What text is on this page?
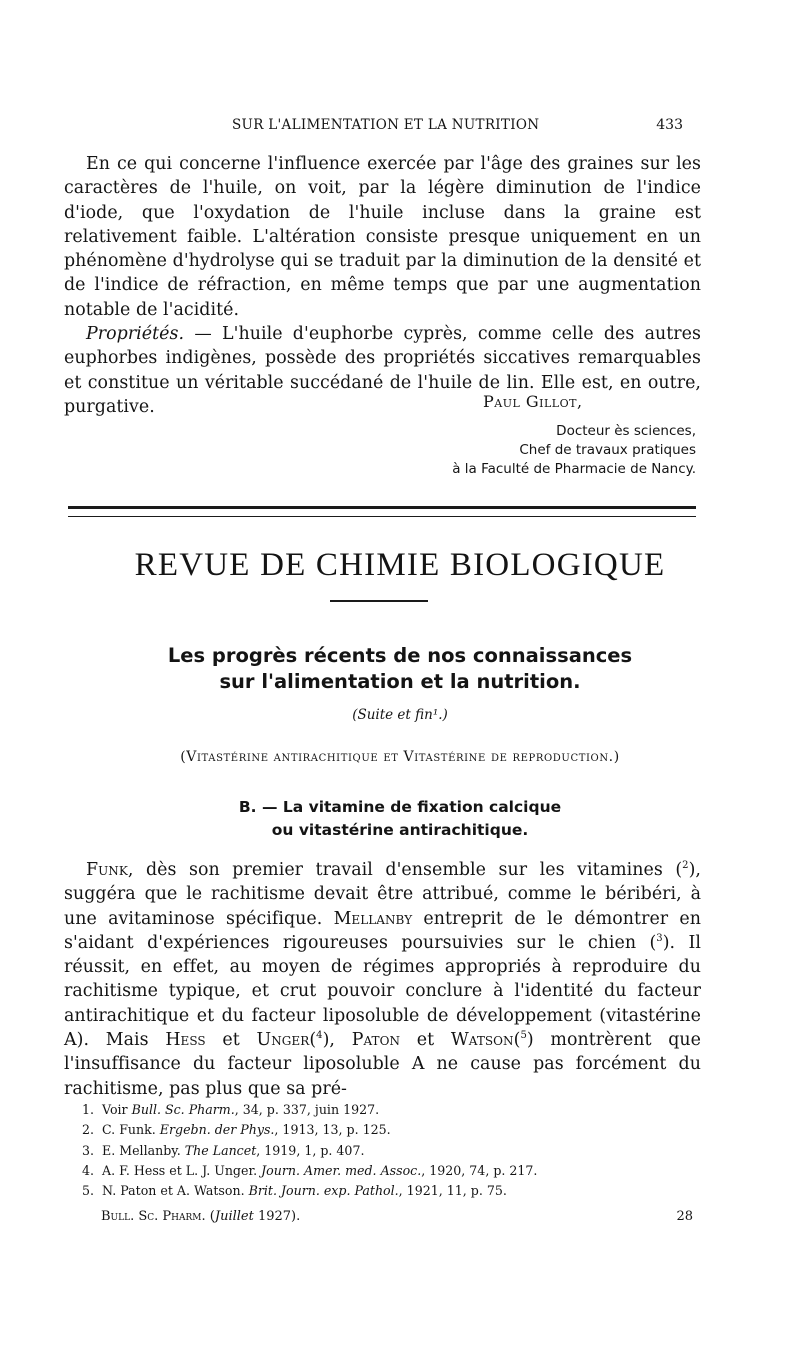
SUR L'ALIMENTATION ET LA NUTRITION	433

En ce qui concerne l'influence exercée par l'âge des graines sur les caractères de l'huile, on voit, par la légère diminution de l'indice d'iode, que l'oxydation de l'huile incluse dans la graine est relativement faible. L'altération consiste presque uniquement en un phénomène d'hydrolyse qui se traduit par la diminution de la densité et de l'indice de réfraction, en même temps que par une augmentation notable de l'acidité.

Propriétés. — L'huile d'euphorbe cyprès, comme celle des autres euphorbes indigènes, possède des propriétés siccatives remarquables et constitue un véritable succédané de l'huile de lin. Elle est, en outre, purgative.	Paul Gillot,
Docteur ès sciences,
Chef de travaux pratiques
à la Faculté de Pharmacie de Nancy.
REVUE DE CHIMIE BIOLOGIQUE
Les progrès récents de nos connaissances
sur l'alimentation et la nutrition.
(Suite et fin¹.)
(Vitastérine antirachitique et Vitastérine de reproduction.)
B. — La vitamine de fixation calcique
ou vitastérine antirachitique.

Funk, dès son premier travail d'ensemble sur les vitamines ($^2$), suggéra que le rachitisme devait être attribué, comme le béribéri, à une avitaminose spécifique. Mellanby entreprit de le démontrer en s'aidant d'expériences rigoureuses poursuivies sur le chien ($^3$). Il réussit, en effet, au moyen de régimes appropriés à reproduire du rachitisme typique, et crut pouvoir conclure à l'identité du facteur antirachitique et du facteur liposoluble de développement (vitastérine A). Mais Hess et Unger($^4$), Paton et Watson($^5$) montrèrent que l'insuffisance du facteur liposoluble A ne cause pas forcément du rachitisme, pas plus que sa pré-

1. Voir Bull. Sc. Pharm., 34, p. 337, juin 1927.
2. C. Funk. Ergebn. der Phys., 1913, 13, p. 125.
3. E. Mellanby. The Lancet, 1919, 1, p. 407.
4. A. F. Hess et L. J. Unger. Journ. Amer. med. Assoc., 1920, 74, p. 217.
5. N. Paton et A. Watson. Brit. Journ. exp. Pathol., 1921, 11, p. 75.
Bull. Sc. Pharm. (Juillet 1927).	28
